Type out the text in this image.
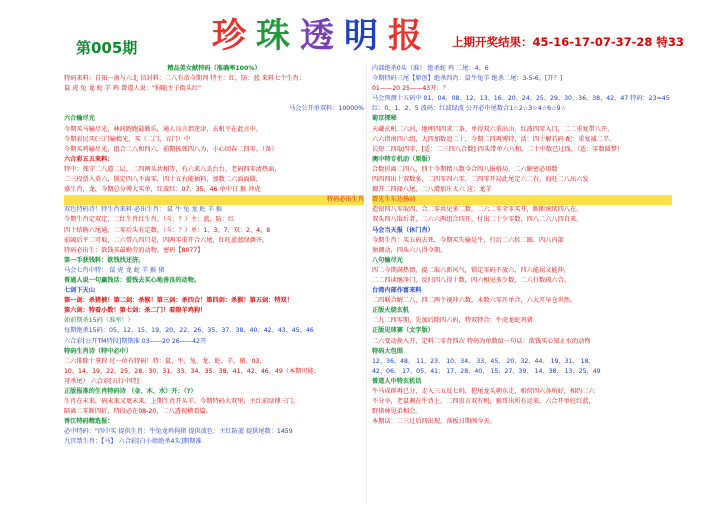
第005期 珍 珠 透 明 报	上期开奖结果：45-16-17-07-37-28 特33
精品美女献特码（准确率100%）
特码来料：自知一南与六北 信封料：二八有帝今期判 特主：红、防：蓝 来料七个生肖：
鼠 虎 兔 龙 蛇 羊 鸡 曾道人说："狗随主子街头红"

马会公开单双料：10000%
六合输尽光
今期买马输尽光，林间跑跑最勤乐，通人良言指迷津，玄机平在此言中。
今期彩民买(三门输精光，买（二门，五门）中
今期买鸡输尽光，组合二八和四六，前期拣死四八为，小心回春二四零。（备）
六合彩五五来料：
特中：死守二八道二层，二四两头共相等，有六来八丢台台，老码四零清热面，
二三投票入莫六，锁定四八不离零，四十五右能抽料，加数二六面面圆，
盛生肖，龙，今期总分博大买单，红波红：07、35、46 单中日 猴 冲虎
特码必出生肖
双色特码诗！特生肖来料 必出生肖： 鼠 牛 兔 龙 蛇 羊 猴
今期生肖定双定、二红生肖红生肖。（斗：？）主：蓝，防：红
四十结俩六尾通，二零后头有定数。（斗：？）单：1、3、7、双：2、4、8
前阔后平二可取，二六带八四只是，四两零重开合六尾，红旺蓝蓝绿颜齐。
特码必出生：欲钱买最勤劳的动物。密码【8077】
第一手获钱料：欲钱找还济。
马会七肖中特： 鼠 虎 龙 蛇 羊 猴 猪
普通人说一句赢钱话：爱钱去买心地善良的动物。
七剑下天山
第一剑：杀猪被！第二剑：杀猴！第三剑：杀四合！第四剑：杀猴！第五剑：特双！
第六剑：特看小数！第七剑：杀二门！看限羊鸡狗！
如前期杀15码（准率！）
每期绝杀15码：05、12、15、19、20、22、26、35、37、38、40、42、43、45、46
六合彩[公开TM特段]期期准 03——20 26——42开
特码生肖诗（特中必中）
二六排除十拿捏 过一位有特码！特：鼠、牛、兔、龙、蛇、羊、猪、03、
10、14、19、22、25、28、30、31、33、34、35、38、41、42、46、49（本期可能、
可杀尾） 六合彩[五行中特]
正版报准的生肖特码诗 （金、木、水）开：（?）
生肖在未来，码未来又更未来。上期生肖开头羊，今期特码大双里，主红前绿博三门。
隔离二零断四折，特段必在08-20，二八透视横看篇。
香江特码精选报：
必中特码："四中买 提供生肖：牛兔龙鸡狗猪 提供波色：主红防蓝 提供尾数：1459
九宫禁生肖：【马】 六合彩[白小姐绝杀4头]期期准
内部绝杀0头（准） 绝杀蛇 鸡 二尾：4、6
今期特码三尾【原创】绝杀四肖：鼠牛兔羊 绝杀二尾：3-5-6。[开？]
01——20 25——43开：？
马会预测十五码中 01、04、08、12、13、16、20、24、25、29、30、36、38、42、47 特码：23=45
红：0、1、2、5 波码：红波绿波 公开必中尾数合1☆2☆3☆4☆6☆9☆
菊京探秘
天藏玄机二六河，地埋四四求二条，单得双六重出山，红波四零入门，二二重复带八开，
六六指南四六组，大四加数追二十，今期二四再博特，活：四十解若码 配：重复减二半。
长短二四取四零，[适：二三四八合数] 四头带单六八和，二十中数已过线。（适：零数圆梦）
澳中特专机动（原版）
合数折离二四八，四十今期精八数今合四八报格局，二六解密必用数
四四四出十双数多，二四零四六零，二四零开局此尾定六二有，海旺二八出六发
揭开二四择八尾，二八增加庄大六 这：龙羊
曾先生东边扬动
造银四八零取四，合二零共见多二数，二六二零全零买开，断断统续四八在。
双头四八取后者，二六六两组合四开，付出二十少零数，四八二六八四自来。
马会当天报（休门肖）
今期生肖：买五码去死，今期买失输是牛，行后二六转二圈，四八内部
须调动，四头六八得今期。
八句输尽光
四二今期满热情，提二取六新风气，锁定零码不放六，四六能屈又能伸，
二二四读继净门，反归四八得十数，四六相见多少数，二六行数疏六合。
台湾内部作富来料
二四联合解二八，四二两个视冲六数，未数六零开单合，六大开早仓世然。
正版火烧玄机
二九二四零期，先加后除四六码，特双特合：牛虎龙蛇鸡猪
正版见球赛（文字版）
二六变动换入开，定料二零背四次 特码为单数给一句话：欲钱买心知止水的动物
特码大包围
12、36、48、 11、23、 10、34、 33、45、 20、32、44、 19、31、 18、
42、06、 17、05、41、 17、28、40、 15、27、39、 14、38、 13、25、49
曾道人中特玄机话
牛马成群再已分，走入三五反七吗，犯尾龙头朝东走，相傍四六各所好，相约二六
不分享，老鼠剩在牛背上，二四贵言双有机，猴哥出所有运来，六合开单旺红蓝，
野猪林见弟相会。
本期话：二三过后四出现，落板日期阁今天。
